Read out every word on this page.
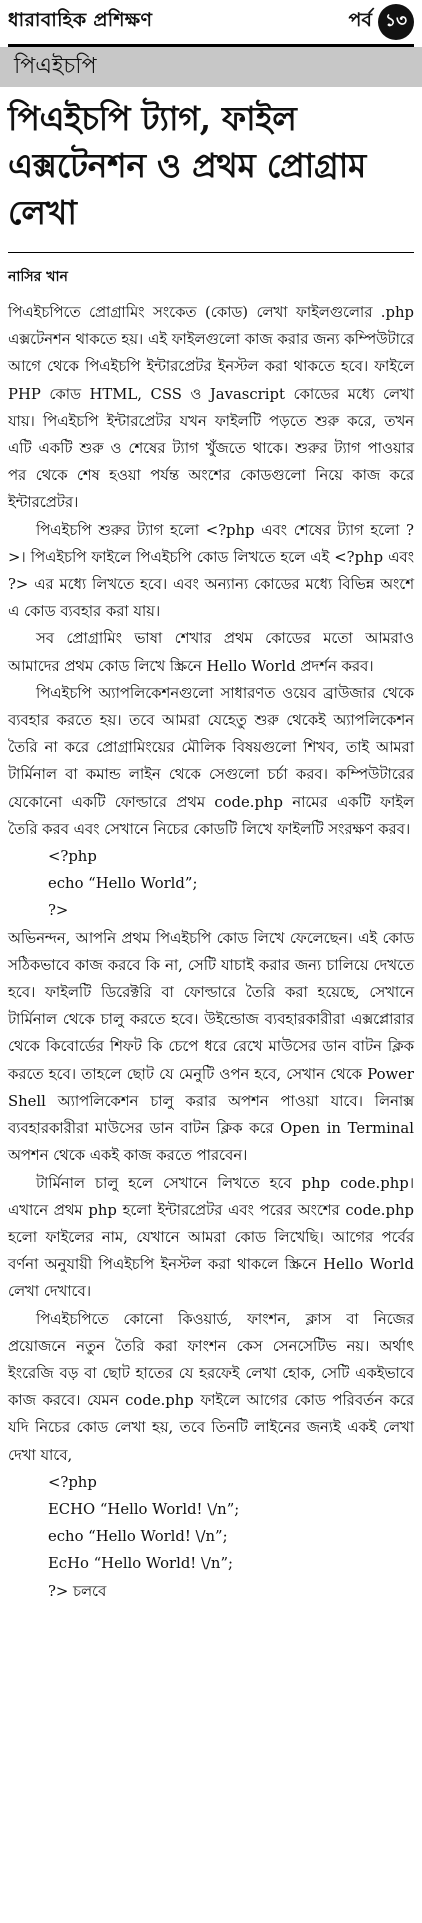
ধারাবাহিক প্রশিক্ষণ	পর্ব ১৩
পিএইচপি
পিএইচপি ট্যাগ, ফাইল এক্সটেনশন ও প্রথম প্রোগ্রাম লেখা
নাসির খান

পিএইচপিতে প্রোগ্রামিং সংকেত (কোড) লেখা ফাইলগুলোর .php এক্সটেনশন থাকতে হয়। এই ফাইলগুলো কাজ করার জন্য কম্পিউটারে আগে থেকে পিএইচপি ইন্টারপ্রেটর ইনস্টল করা থাকতে হবে। ফাইলে PHP কোড HTML, CSS ও Javascript কোডের মধ্যে লেখা যায়। পিএইচপি ইন্টারপ্রেটর যখন ফাইলটি পড়তে শুরু করে, তখন এটি একটি শুরু ও শেষের ট্যাগ খুঁজতে থাকে। শুরুর ট্যাগ পাওয়ার পর থেকে শেষ হওয়া পর্যন্ত অংশের কোডগুলো নিয়ে কাজ করে ইন্টারপ্রেটর।

পিএইচপি শুরুর ট্যাগ হলো <?php এবং শেষের ট্যাগ হলো ?>। পিএইচপি ফাইলে পিএইচপি কোড লিখতে হলে এই <?php এবং ?> এর মধ্যে লিখতে হবে। এবং অন্যান্য কোডের মধ্যে বিভিন্ন অংশে এ কোড ব্যবহার করা যায়।

সব প্রোগ্রামিং ভাষা শেখার প্রথম কোডের মতো আমরাও আমাদের প্রথম কোড লিখে স্ক্রিনে Hello World প্রদর্শন করব।

পিএইচপি অ্যাপলিকেশনগুলো সাধারণত ওয়েব ব্রাউজার থেকে ব্যবহার করতে হয়। তবে আমরা যেহেতু শুরু থেকেই অ্যাপলিকেশন তৈরি না করে প্রোগ্রামিংয়ের মৌলিক বিষয়গুলো শিখব, তাই আমরা টার্মিনাল বা কমান্ড লাইন থেকে সেগুলো চর্চা করব। কম্পিউটারের যেকোনো একটি ফোল্ডারে প্রথম code.php নামের একটি ফাইল তৈরি করব এবং সেখানে নিচের কোডটি লিখে ফাইলটি সংরক্ষণ করব।

<?php
echo “Hello World”;
?>

অভিনন্দন, আপনি প্রথম পিএইচপি কোড লিখে ফেলেছেন। এই কোড সঠিকভাবে কাজ করবে কি না, সেটি যাচাই করার জন্য চালিয়ে দেখতে হবে। ফাইলটি ডিরেক্টরি বা ফোল্ডারে তৈরি করা হয়েছে, সেখানে টার্মিনাল থেকে চালু করতে হবে। উইন্ডোজ ব্যবহারকারীরা এক্সপ্লোরার থেকে কিবোর্ডের শিফট কি চেপে ধরে রেখে মাউসের ডান বাটন ক্লিক করতে হবে। তাহলে ছোট যে মেনুটি ওপন হবে, সেখান থেকে Power Shell অ্যাপলিকেশন চালু করার অপশন পাওয়া যাবে। লিনাক্স ব্যবহারকারীরা মাউসের ডান বাটন ক্লিক করে Open in Terminal অপশন থেকে একই কাজ করতে পারবেন।

টার্মিনাল চালু হলে সেখানে লিখতে হবে php code.php। এখানে প্রথম php হলো ইন্টারপ্রেটর এবং পরের অংশের code.php হলো ফাইলের নাম, যেখানে আমরা কোড লিখেছি। আগের পর্বের বর্ণনা অনুযায়ী পিএইচপি ইনস্টল করা থাকলে স্ক্রিনে Hello World লেখা দেখাবে।

পিএইচপিতে কোনো কিওয়ার্ড, ফাংশন, ক্লাস বা নিজের প্রয়োজনে নতুন তৈরি করা ফাংশন কেস সেনসেটিভ নয়। অর্থাৎ ইংরেজি বড় বা ছোট হাতের যে হরফেই লেখা হোক, সেটি একইভাবে কাজ করবে। যেমন code.php ফাইলে আগের কোড পরিবর্তন করে যদি নিচের কোড লেখা হয়, তবে তিনটি লাইনের জন্যই একই লেখা দেখা যাবে,

<?php
ECHO “Hello World! \/n”;
echo “Hello World! \/n”;
EcHo “Hello World! \/n”;
?> চলবে
